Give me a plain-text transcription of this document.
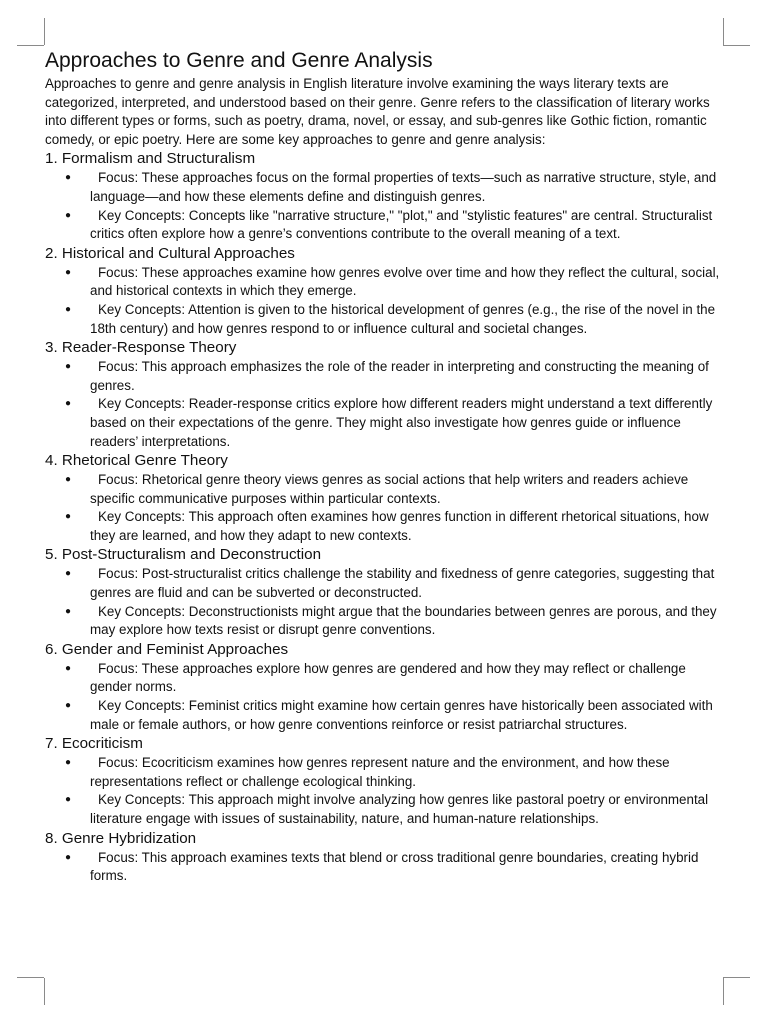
Approaches to Genre and Genre Analysis

Approaches to genre and genre analysis in English literature involve examining the ways literary texts are categorized, interpreted, and understood based on their genre. Genre refers to the classification of literary works into different types or forms, such as poetry, drama, novel, or essay, and sub-genres like Gothic fiction, romantic comedy, or epic poetry. Here are some key approaches to genre and genre analysis:

1. Formalism and Structuralism
● Focus: These approaches focus on the formal properties of texts—such as narrative structure, style, and language—and how these elements define and distinguish genres.
● Key Concepts: Concepts like "narrative structure," "plot," and "stylistic features" are central. Structuralist critics often explore how a genre’s conventions contribute to the overall meaning of a text.
2. Historical and Cultural Approaches
● Focus: These approaches examine how genres evolve over time and how they reflect the cultural, social, and historical contexts in which they emerge.
● Key Concepts: Attention is given to the historical development of genres (e.g., the rise of the novel in the 18th century) and how genres respond to or influence cultural and societal changes.
3. Reader-Response Theory
● Focus: This approach emphasizes the role of the reader in interpreting and constructing the meaning of genres.
● Key Concepts: Reader-response critics explore how different readers might understand a text differently based on their expectations of the genre. They might also investigate how genres guide or influence readers’ interpretations.
4. Rhetorical Genre Theory
● Focus: Rhetorical genre theory views genres as social actions that help writers and readers achieve specific communicative purposes within particular contexts.
● Key Concepts: This approach often examines how genres function in different rhetorical situations, how they are learned, and how they adapt to new contexts.
5. Post-Structuralism and Deconstruction
● Focus: Post-structuralist critics challenge the stability and fixedness of genre categories, suggesting that genres are fluid and can be subverted or deconstructed.
● Key Concepts: Deconstructionists might argue that the boundaries between genres are porous, and they may explore how texts resist or disrupt genre conventions.
6. Gender and Feminist Approaches
● Focus: These approaches explore how genres are gendered and how they may reflect or challenge gender norms.
● Key Concepts: Feminist critics might examine how certain genres have historically been associated with male or female authors, or how genre conventions reinforce or resist patriarchal structures.
7. Ecocriticism
● Focus: Ecocriticism examines how genres represent nature and the environment, and how these representations reflect or challenge ecological thinking.
● Key Concepts: This approach might involve analyzing how genres like pastoral poetry or environmental literature engage with issues of sustainability, nature, and human-nature relationships.
8. Genre Hybridization
● Focus: This approach examines texts that blend or cross traditional genre boundaries, creating hybrid forms.
